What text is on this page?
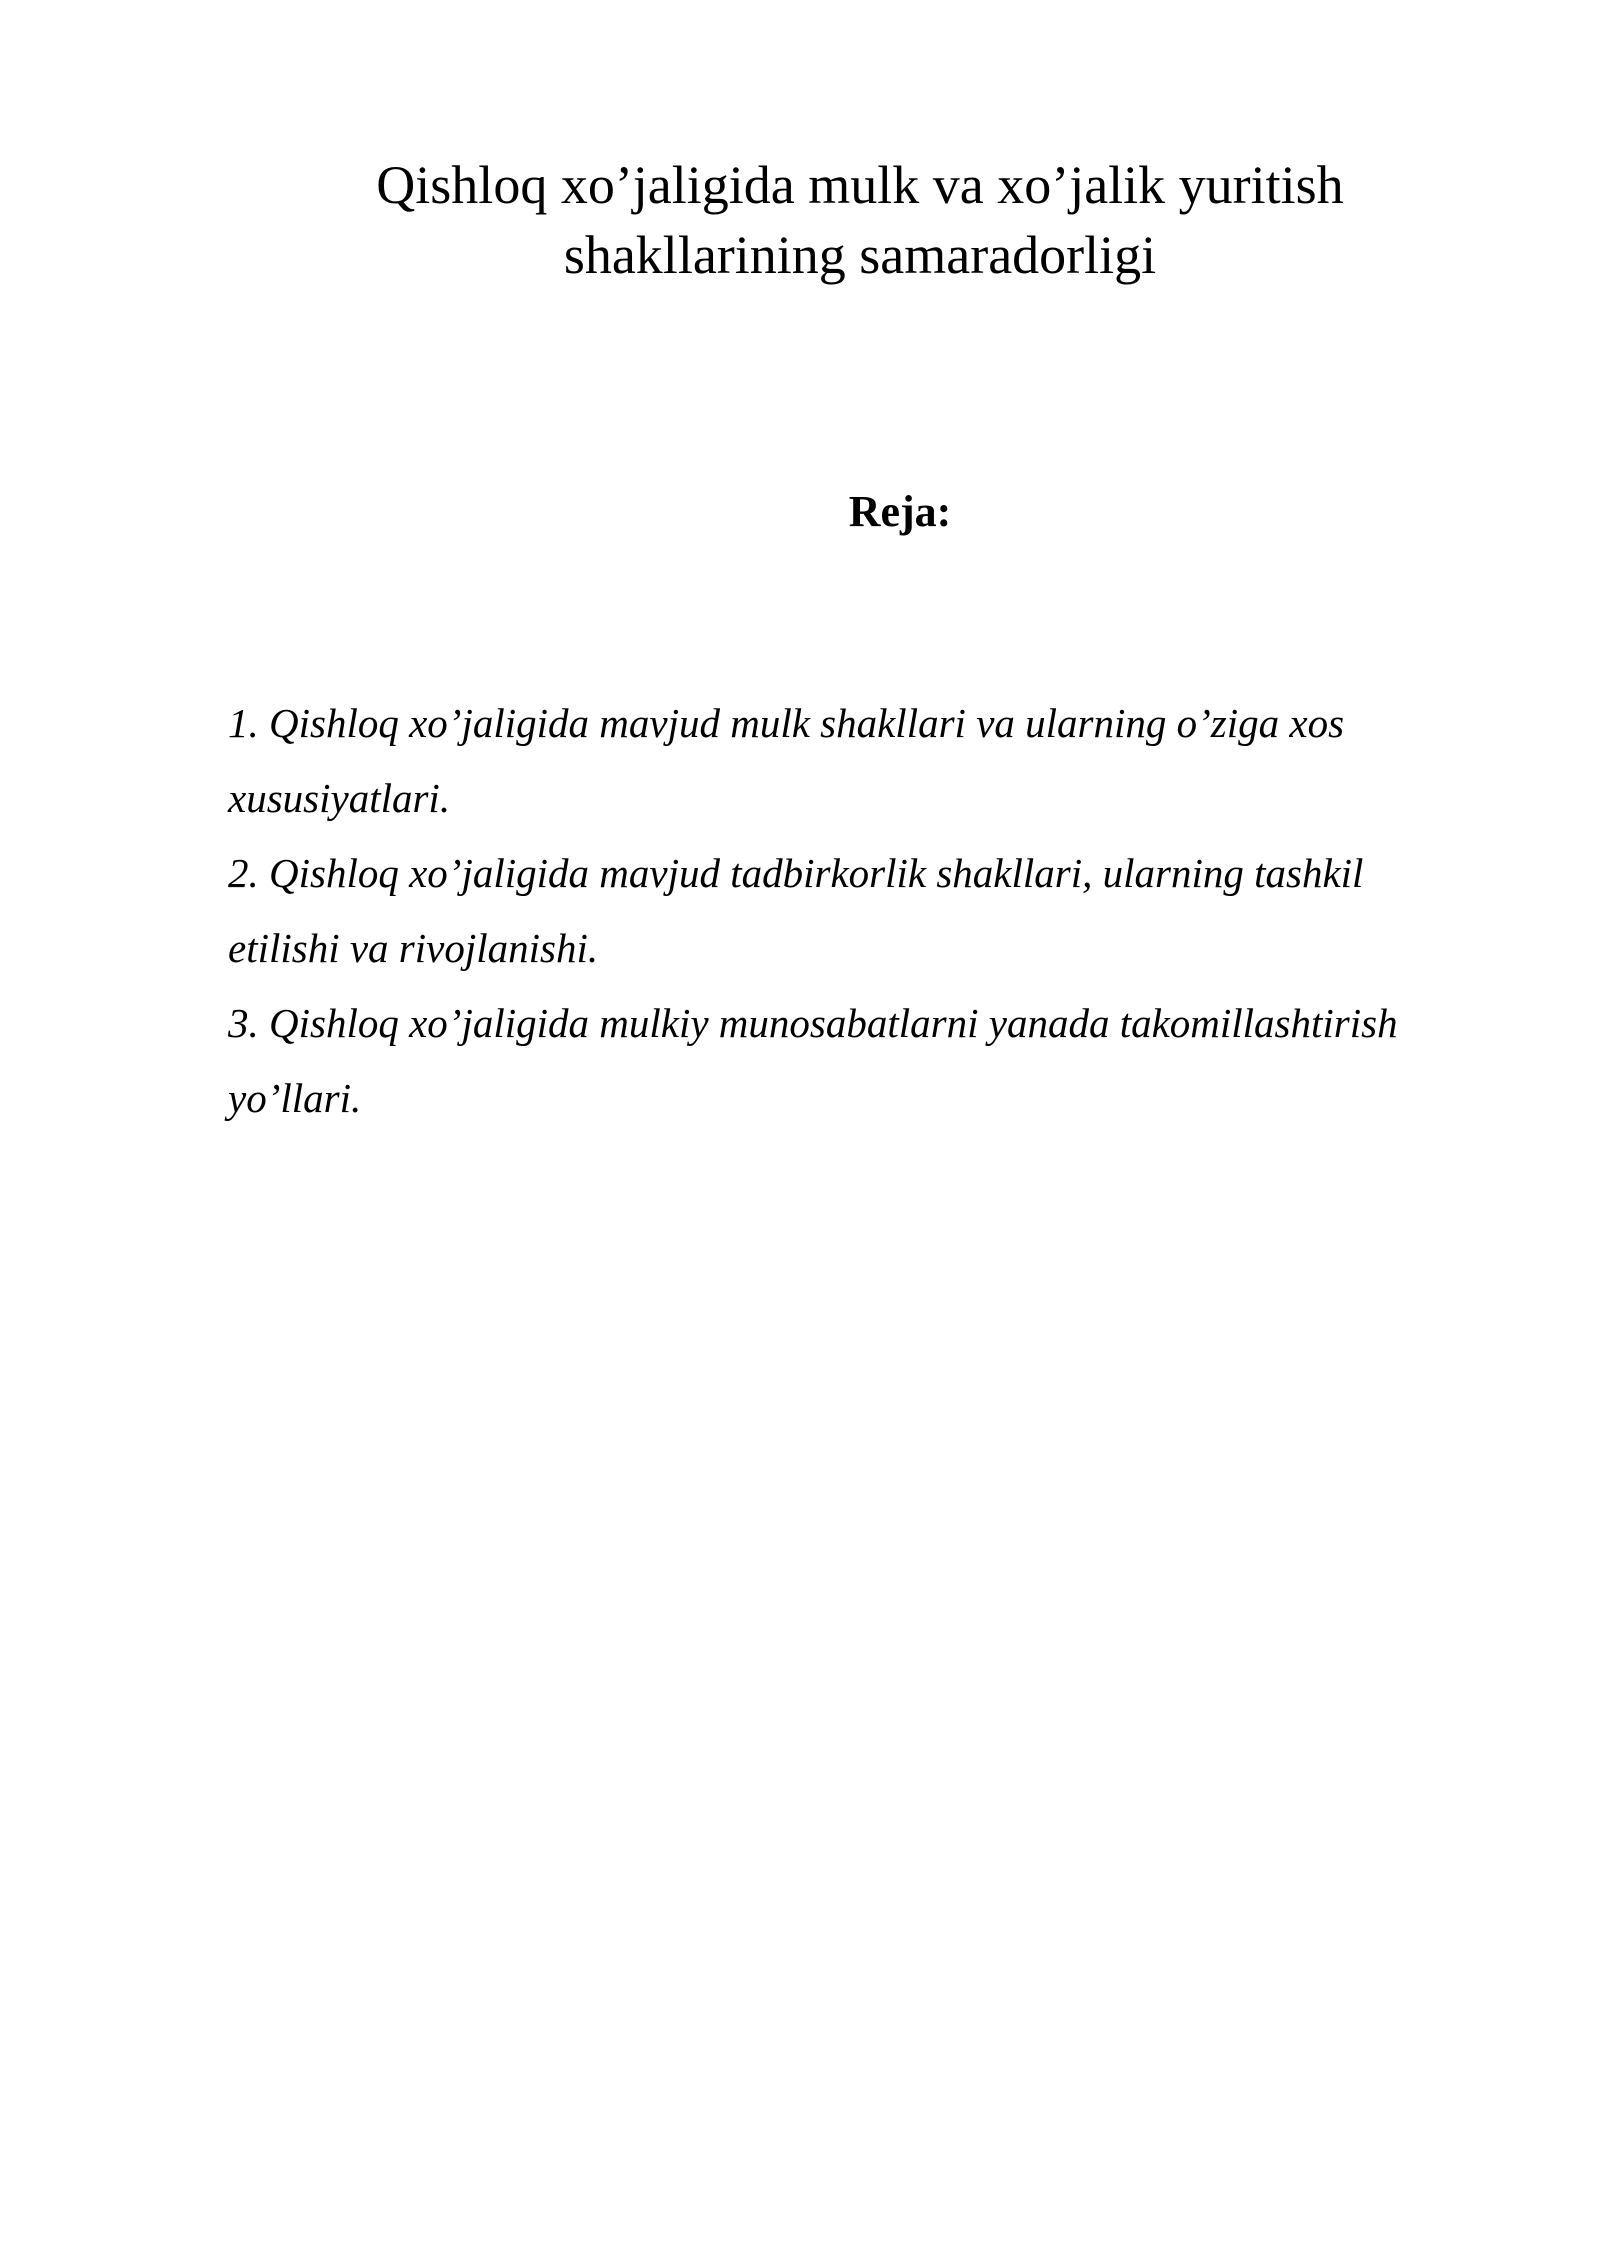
Qishloq xo’jaligida mulk va xo’jalik yuritish
shakllarining samaradorligi
Reja:
1. Qishloq xo’jaligida mavjud mulk shakllari va ularning o’ziga xos
xususiyatlari.
2. Qishloq xo’jaligida mavjud tadbirkorlik shakllari, ularning tashkil
etilishi va rivojlanishi.
3. Qishloq xo’jaligida mulkiy munosabatlarni yanada takomillashtirish
yo’llari.
